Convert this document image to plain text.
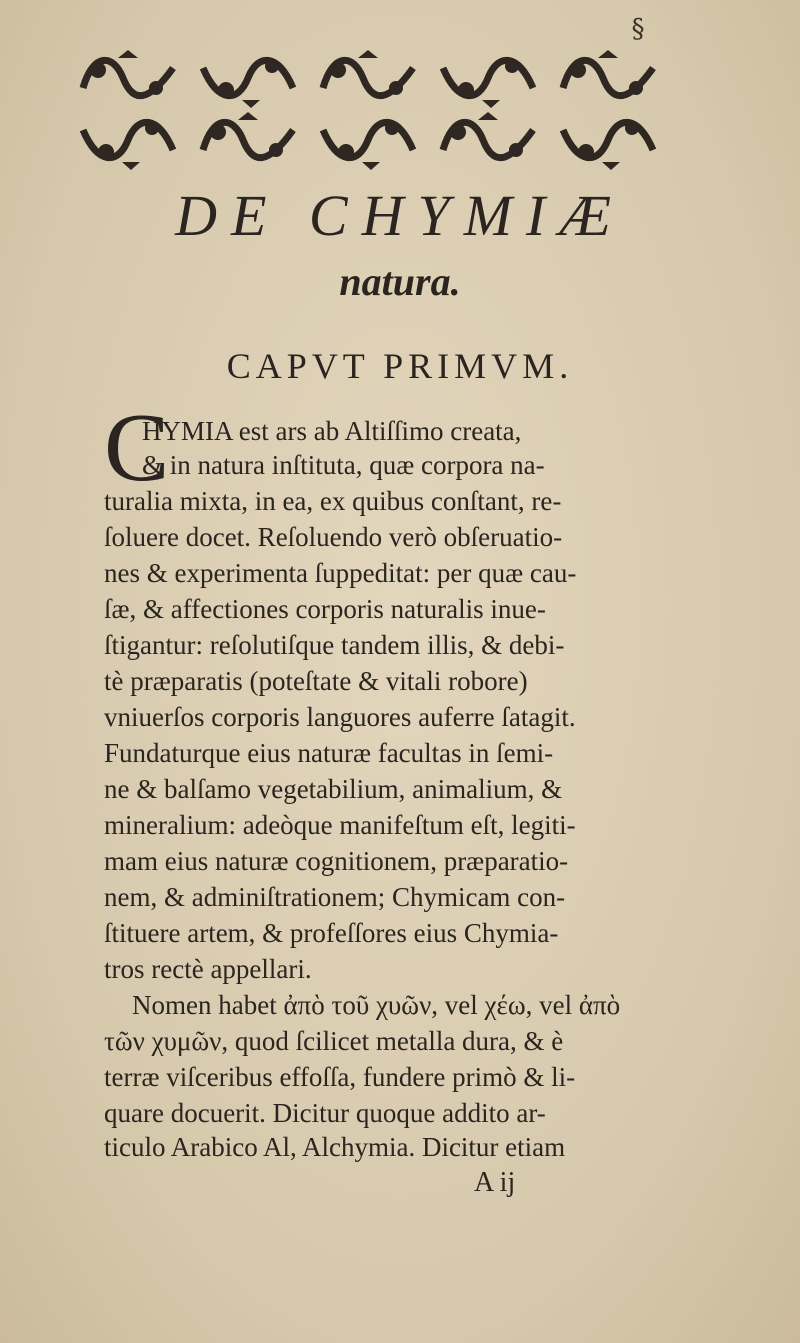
§
DE CHYMIÆ
natura.
CAPVT PRIMVM.
C
HYMIA est ars ab Altiſſimo creata,
& in natura inſtituta, quæ corpora na-
turalia mixta, in ea, ex quibus conſtant, re-
ſoluere docet. Reſoluendo verò obſeruatio-
nes & experimenta ſuppeditat: per quæ cau-
ſæ, & affectiones corporis naturalis inue-
ſtigantur: reſolutiſque tandem illis, & debi-
tè præparatis (poteſtate & vitali robore)
vniuerſos corporis languores auferre ſatagit.
Fundaturque eius naturæ facultas in ſemi-
ne & balſamo vegetabilium, animalium, &
mineralium: adeòque manifeſtum eſt, legiti-
mam eius naturæ cognitionem, præparatio-
nem, & adminiſtrationem; Chymicam con-
ſtituere artem, & profeſſores eius Chymia-
tros rectè appellari.
Nomen habet ἀπὸ τοῦ χυῶν, vel χέω, vel ἀπὸ
τῶν χυμῶν, quod ſcilicet metalla dura, & è
terræ viſceribus effoſſa, fundere primò & li-
quare docuerit. Dicitur quoque addito ar-
ticulo Arabico Al, Alchymia. Dicitur etiam
A ij
